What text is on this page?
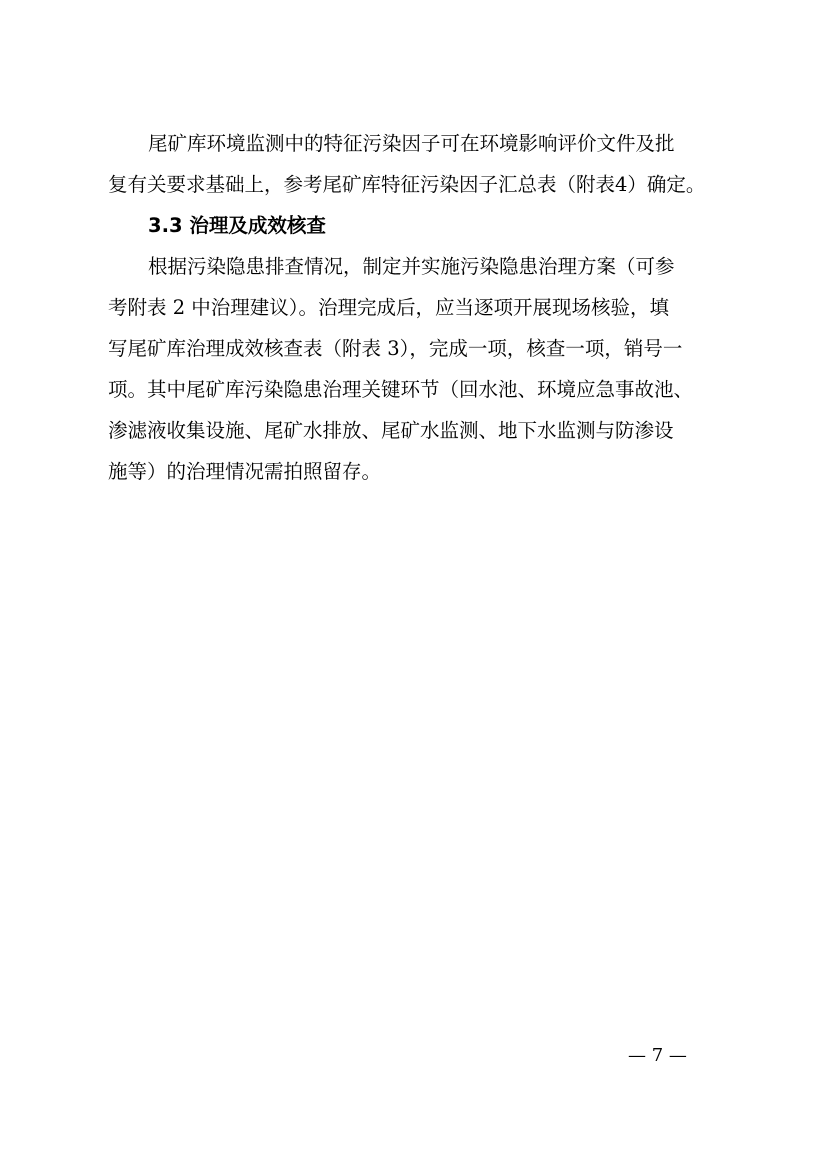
尾矿库环境监测中的特征污染因子可在环境影响评价文件及批
复有关要求基础上，参考尾矿库特征污染因子汇总表（附表4）确定。
3.3 治理及成效核查
根据污染隐患排查情况，制定并实施污染隐患治理方案（可参
考附表 2 中治理建议）。治理完成后，应当逐项开展现场核验，填
写尾矿库治理成效核查表（附表 3），完成一项，核查一项，销号一
项。其中尾矿库污染隐患治理关键环节（回水池、环境应急事故池、
渗滤液收集设施、尾矿水排放、尾矿水监测、地下水监测与防渗设
施等）的治理情况需拍照留存。
— 7 —
